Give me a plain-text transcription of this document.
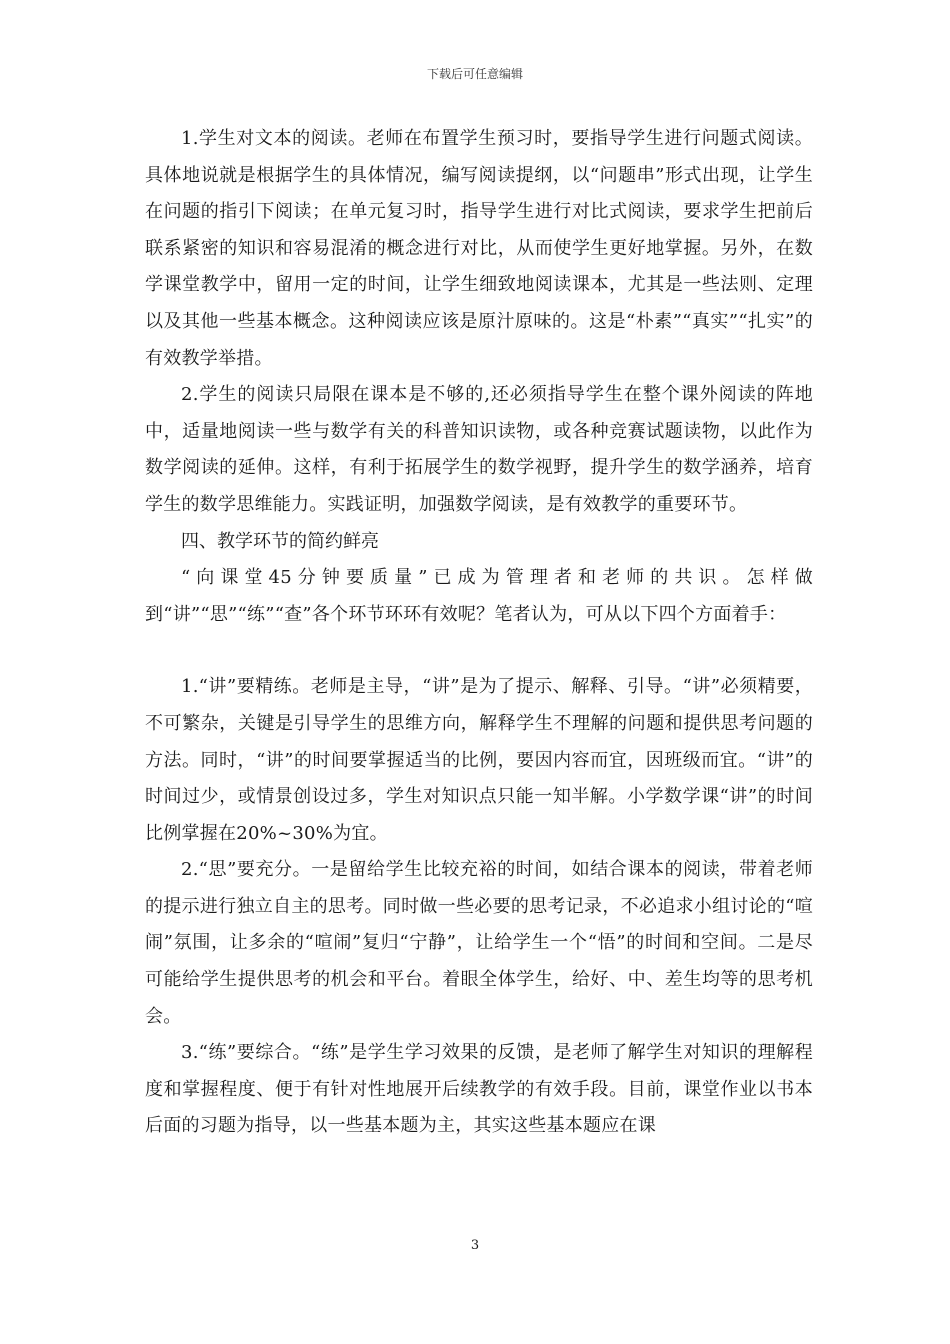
下载后可任意编辑

1.学生对文本的阅读。老师在布置学生预习时，要指导学生进行问题式阅读。具体地说就是根据学生的具体情况，编写阅读提纲，以“问题串”形式出现，让学生在问题的指引下阅读；在单元复习时，指导学生进行对比式阅读，要求学生把前后联系紧密的知识和容易混淆的概念进行对比，从而使学生更好地掌握。另外，在数学课堂教学中，留用一定的时间，让学生细致地阅读课本，尤其是一些法则、定理以及其他一些基本概念。这种阅读应该是原汁原味的。这是“朴素”“真实”“扎实”的有效教学举措。

2.学生的阅读只局限在课本是不够的,还必须指导学生在整个课外阅读的阵地中，适量地阅读一些与数学有关的科普知识读物，或各种竞赛试题读物，以此作为数学阅读的延伸。这样，有利于拓展学生的数学视野，提升学生的数学涵养，培育学生的数学思维能力。实践证明，加强数学阅读，是有效教学的重要环节。

四、教学环节的简约鲜亮

“向课堂45分钟要质量”已成为管理者和老师的共识。怎样做到“讲”“思”“练”“查”各个环节环环有效呢？笔者认为，可从以下四个方面着手：

1.“讲”要精练。老师是主导，“讲”是为了提示、解释、引导。“讲”必须精要，不可繁杂，关键是引导学生的思维方向，解释学生不理解的问题和提供思考问题的方法。同时，“讲”的时间要掌握适当的比例，要因内容而宜，因班级而宜。“讲”的时间过少，或情景创设过多，学生对知识点只能一知半解。小学数学课“讲”的时间比例掌握在20%~30%为宜。

2.“思”要充分。一是留给学生比较充裕的时间，如结合课本的阅读，带着老师的提示进行独立自主的思考。同时做一些必要的思考记录，不必追求小组讨论的“喧闹”氛围，让多余的“喧闹”复归“宁静”，让给学生一个“悟”的时间和空间。二是尽可能给学生提供思考的机会和平台。着眼全体学生，给好、中、差生均等的思考机会。

3.“练”要综合。“练”是学生学习效果的反馈，是老师了解学生对知识的理解程度和掌握程度、便于有针对性地展开后续教学的有效手段。目前，课堂作业以书本后面的习题为指导，以一些基本题为主，其实这些基本题应在课

3
